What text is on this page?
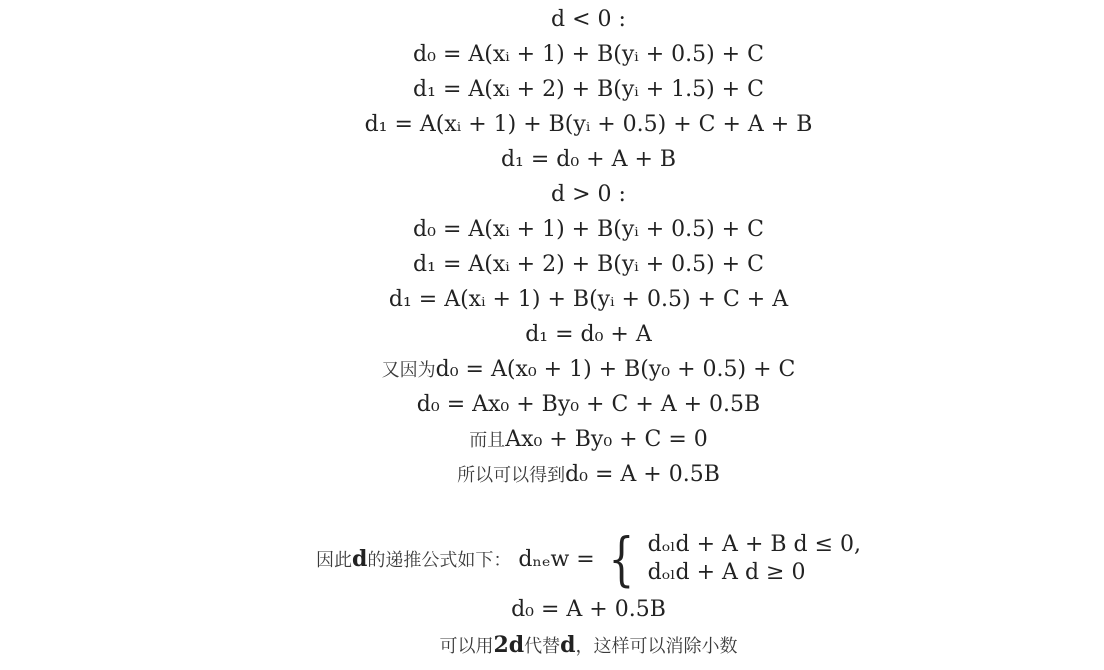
d < 0 :
d₀ = A(xᵢ + 1) + B(yᵢ + 0.5) + C
d₁ = A(xᵢ + 2) + B(yᵢ + 1.5) + C
d₁ = A(xᵢ + 1) + B(yᵢ + 0.5) + C + A + B
d₁ = d₀ + A + B
d > 0 :
d₀ = A(xᵢ + 1) + B(yᵢ + 0.5) + C
d₁ = A(xᵢ + 2) + B(yᵢ + 0.5) + C
d₁ = A(xᵢ + 1) + B(yᵢ + 0.5) + C + A
d₁ = d₀ + A
又因为d₀ = A(x₀ + 1) + B(y₀ + 0.5) + C
d₀ = Ax₀ + By₀ + C + A + 0.5B
而且Ax₀ + By₀ + C = 0
所以可以得到d₀ = A + 0.5B
因此d的递推公式如下： dₙₑw = { dₒₗd + A + B d ≤ 0,
dₒₗd + A d ≥ 0
d₀ = A + 0.5B
可以用2d代替d，这样可以消除小数
